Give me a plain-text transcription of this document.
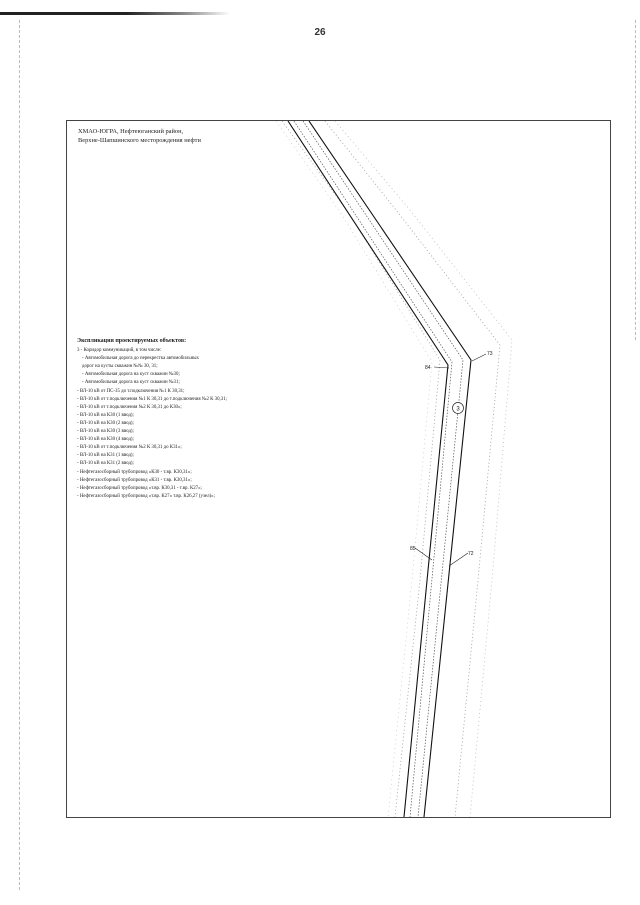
26
ХМАО-ЮГРА, Нефтеюганский район,
Верхне-Шапшинского месторождения нефти
84
73
85
72
3
Экспликация проектируемых объектов:
3 - Коридор коммуникаций, в том числе:
- Автомобильная дорога до перекрестка автомобильных
дорог на кусты скважин №№ 30, 31;
- Автомобильная дорога на куст скважин №30;
- Автомобильная дорога на куст скважин №31;
- ВЛ-10 кВ от ПС-35 до т.подключения №1 К 30,31;
- ВЛ-10 кВ от т.подключения №1 К 30,31 до т.подключения №2 К 30,31;
- ВЛ-10 кВ от т.подключения №2 К 30,31 до К30»;
- ВЛ-10 кВ на К30 (1 ввод);
- ВЛ-10 кВ на К30 (2 ввод);
- ВЛ-10 кВ на К30 (3 ввод);
- ВЛ-10 кВ на К30 (4 ввод);
- ВЛ-10 кВ от т.подключения №2 К 30,31 до К31»;
- ВЛ-10 кВ на К31 (1 ввод);
- ВЛ-10 кВ на К31 (2 ввод);
- Нефтегазосборный трубопровод «К30 - т.вр. К30,31»;
- Нефтегазосборный трубопровод «К31 - т.вр. К30,31»;
- Нефтегазосборный трубопровод «т.вр. К30,31 - т.вр. К27»;
- Нефтегазосборный трубопровод «т.вр. К27» т.вр. К26,27 (узел)»;
